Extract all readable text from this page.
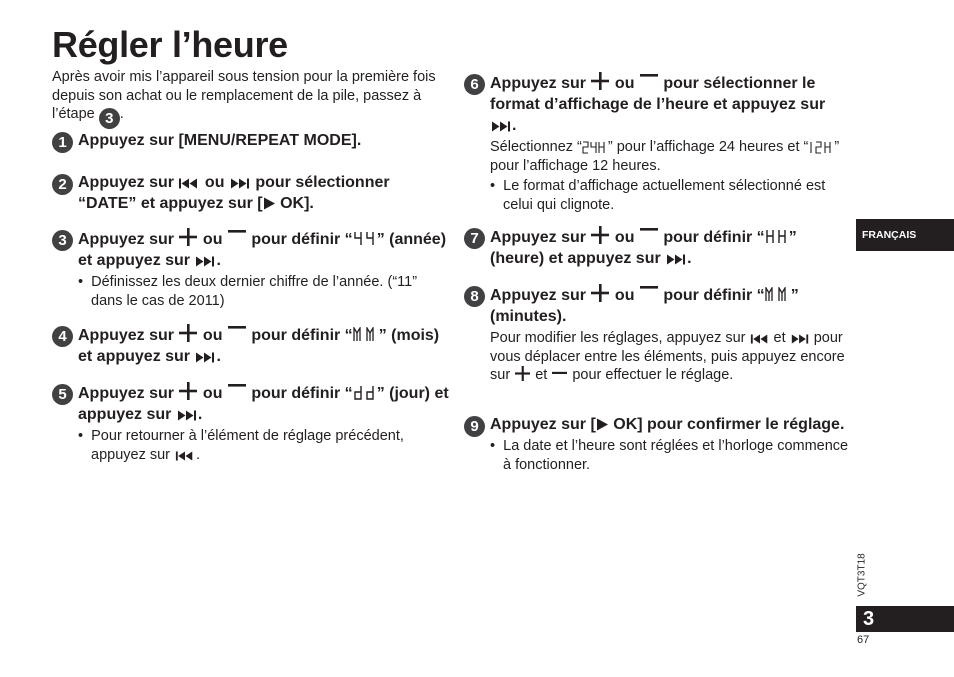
Régler l’heure
Après avoir mis l’appareil sous tension pour la première fois depuis son achat ou le remplacement de la pile, passez à l’étape 3 .
1 Appuyez sur [MENU/REPEAT MODE].
2 Appuyez sur  ou  pour sélectionner “DATE” et appuyez sur [ OK].
3 Appuyez sur  ou  pour définir “ ” (année) et appuyez sur .
• Définissez les deux dernier chiffre de l’année. (“11” dans le cas de 2011)
4 Appuyez sur  ou  pour définir “ ” (mois) et appuyez sur .
5 Appuyez sur  ou  pour définir “ ” (jour) et appuyez sur .
• Pour retourner à l’élément de réglage précédent, appuyez sur .
6 Appuyez sur  ou  pour sélectionner le format d’affichage de l’heure et appuyez sur .
Sélectionnez “ ” pour l’affichage 24 heures et “ ” pour l’affichage 12 heures.
• Le format d’affichage actuellement sélectionné est celui qui clignote.
7 Appuyez sur  ou  pour définir “ ” (heure) et appuyez sur .
8 Appuyez sur  ou  pour définir “ ” (minutes).
Pour modifier les réglages, appuyez sur  et  pour vous déplacer entre les éléments, puis appuyez encore sur  et  pour effectuer le réglage.
9 Appuyez sur [ OK] pour confirmer le réglage.
• La date et l’heure sont réglées et l’horloge commence à fonctionner.
FRANÇAIS
VQT3T18
3
67
